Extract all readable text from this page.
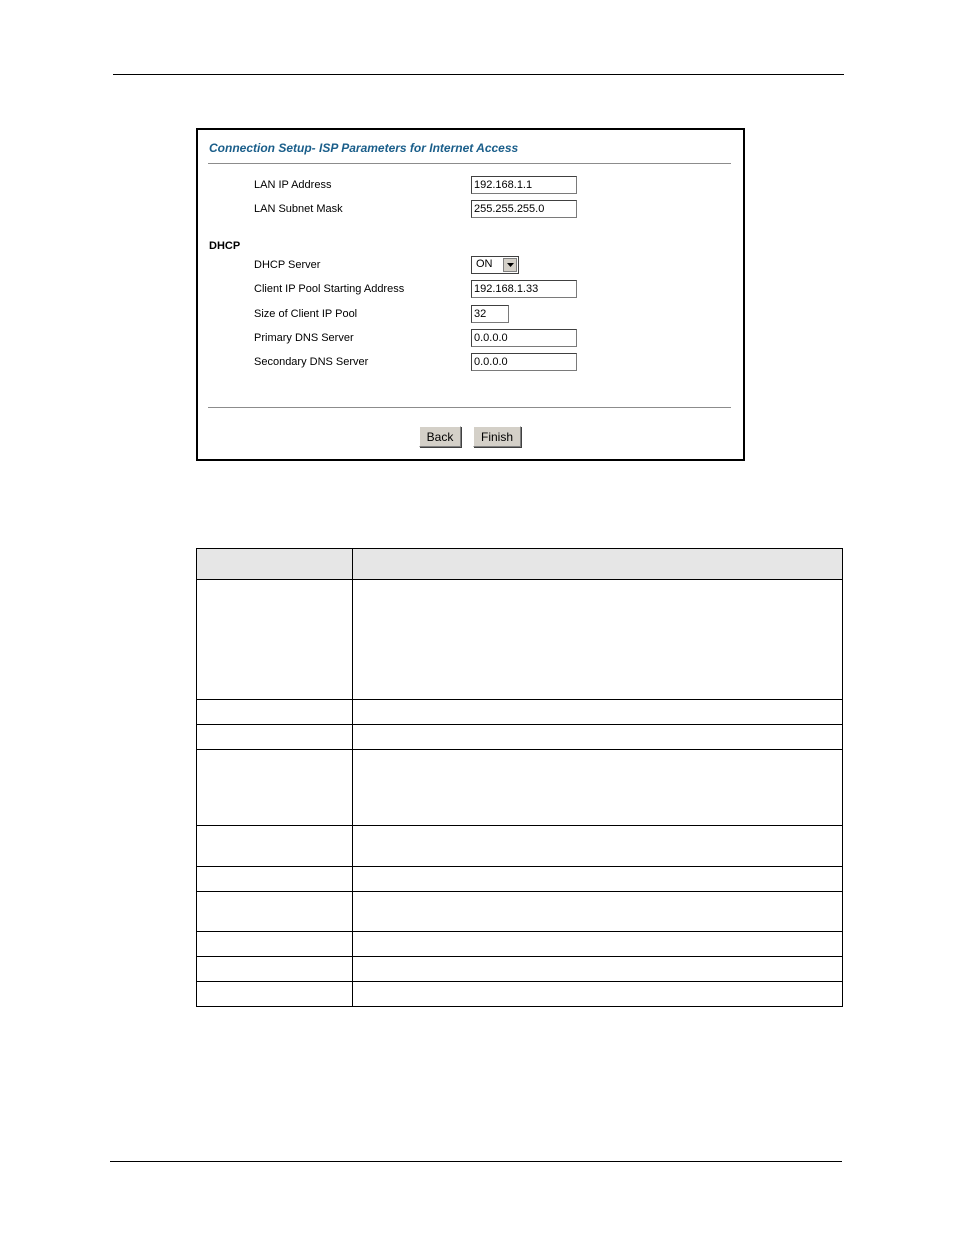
Connection Setup- ISP Parameters for Internet Access
LAN IP Address
192.168.1.1
LAN Subnet Mask
255.255.255.0
DHCP
DHCP Server	ON
Client IP Pool Starting Address
192.168.1.33
Size of Client IP Pool
32
Primary DNS Server
0.0.0.0
Secondary DNS Server
0.0.0.0
Back	Finish
